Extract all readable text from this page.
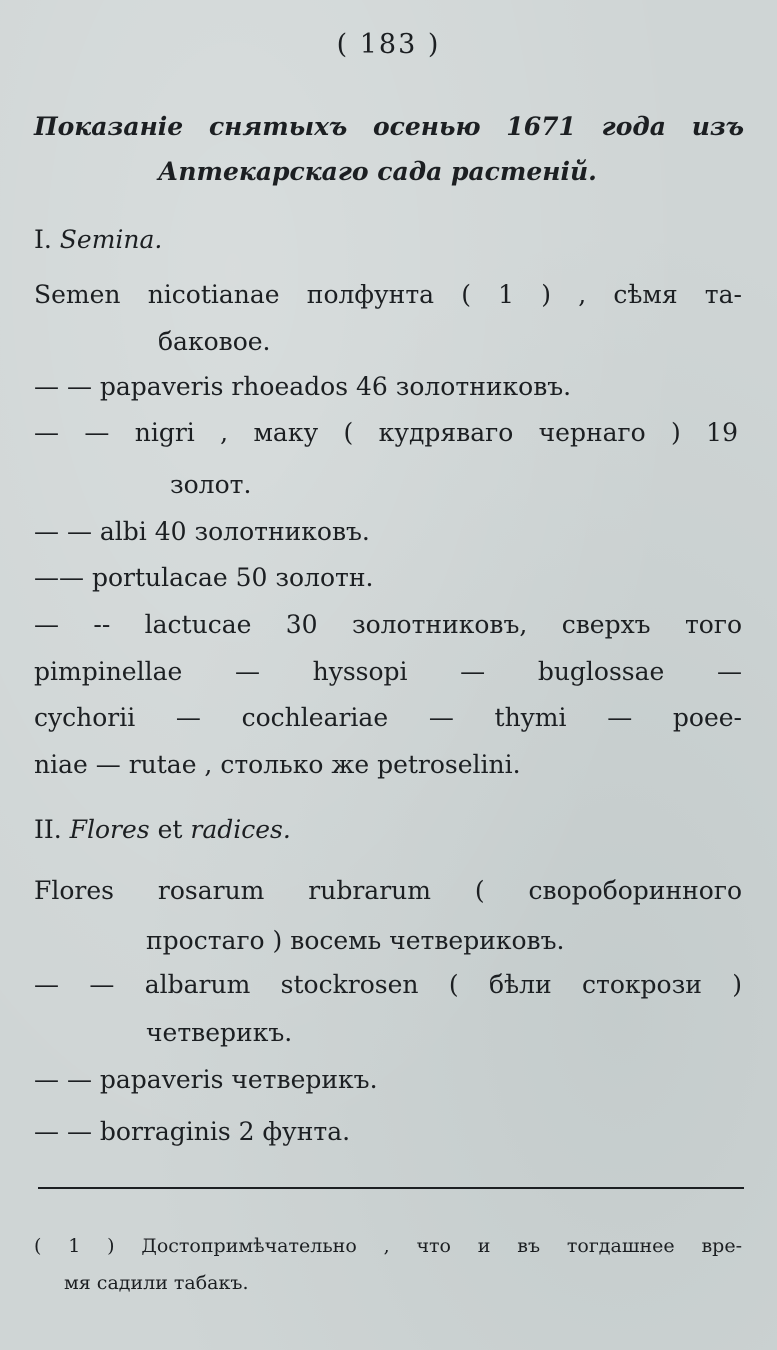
( 183 )
Показаніе снятыхъ осенью 1671 года изъ
Аптекарскаго сада растеній.
I. Semina.
Semen nicotianae полфунта ( 1 ) , сѣмя та-
баковое.
— — papaveris rhoeados 46 золотниковъ.
— — nigri , маку ( кудряваго чернаго ) 19
золот.
— — albi 40 золотниковъ.
—— portulacae 50 золотн.
— -- lactucae 30 золотниковъ, сверхъ того
pimpinellae — hyssopi — buglossae —
cychorii — cochleariae — thymi — poee-
niae — rutae , столько же petroselini.
II. Flores et radices.
Flores rosarum rubrarum ( свороборинного
простаго ) восемь четвериковъ.
— — albarum stockrosen ( бѣли стокрози )
четверикъ.
— — papaveris четверикъ.
— — borraginis 2 фунта.
( 1 ) Достопримѣчательно , что и въ тогдашнее вре-
мя садили табакъ.
